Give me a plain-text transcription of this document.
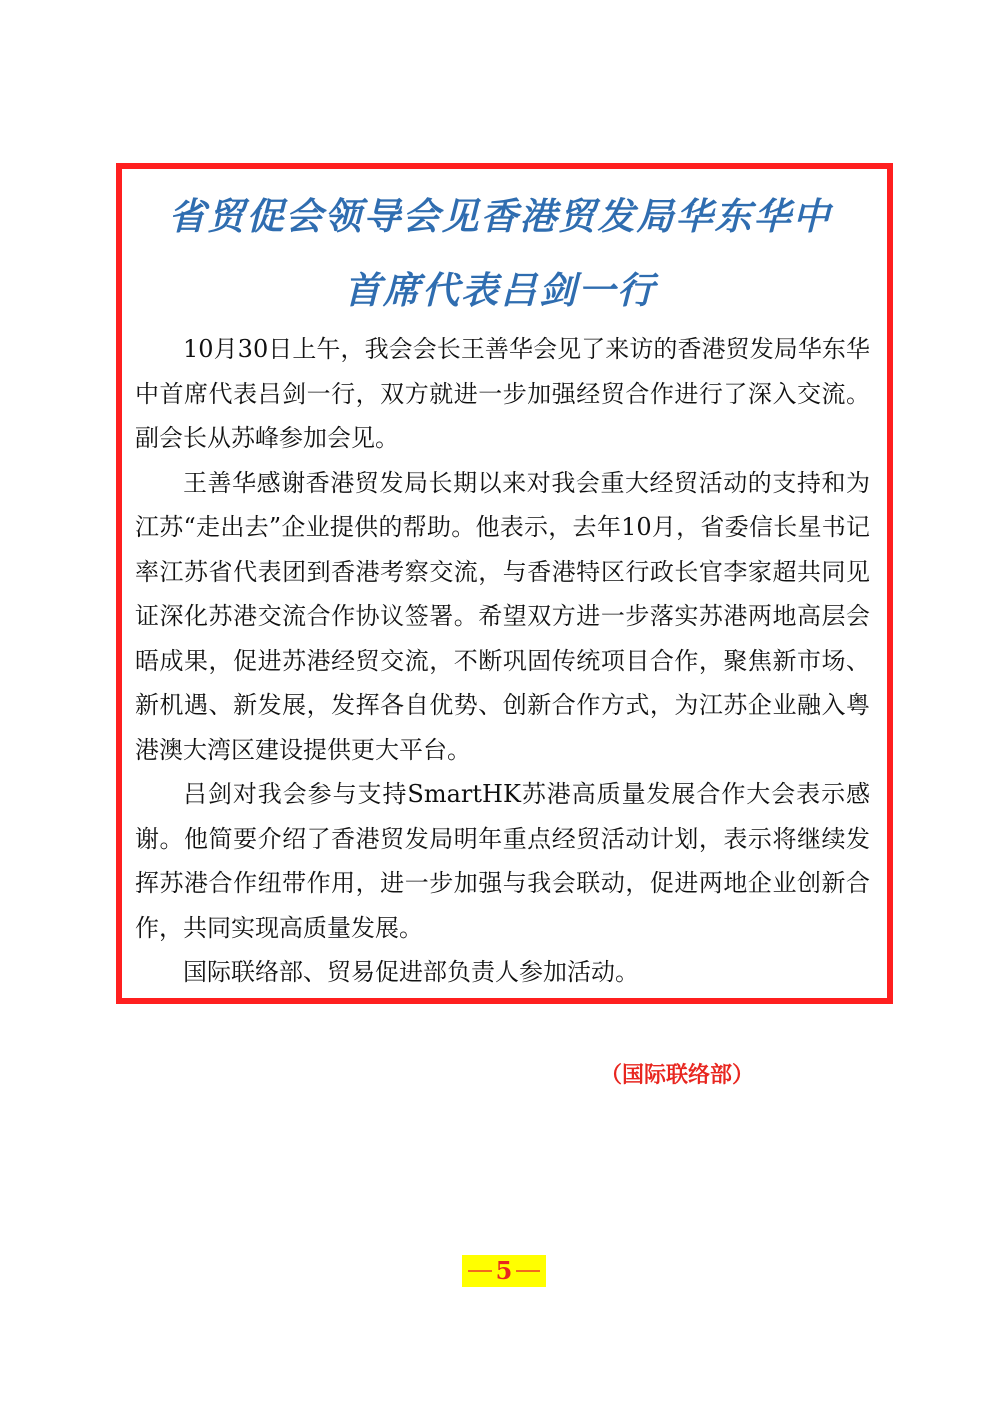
省贸促会领导会见香港贸发局华东华中
首席代表吕剑一行

10月30日上午，我会会长王善华会见了来访的香港贸发局华东华中首席代表吕剑一行，双方就进一步加强经贸合作进行了深入交流。副会长从苏峰参加会见。

王善华感谢香港贸发局长期以来对我会重大经贸活动的支持和为江苏“走出去”企业提供的帮助。他表示，去年10月，省委信长星书记率江苏省代表团到香港考察交流，与香港特区行政长官李家超共同见证深化苏港交流合作协议签署。希望双方进一步落实苏港两地高层会晤成果，促进苏港经贸交流，不断巩固传统项目合作，聚焦新市场、新机遇、新发展，发挥各自优势、创新合作方式，为江苏企业融入粤港澳大湾区建设提供更大平台。

吕剑对我会参与支持SmartHK苏港高质量发展合作大会表示感谢。他简要介绍了香港贸发局明年重点经贸活动计划，表示将继续发挥苏港合作纽带作用，进一步加强与我会联动，促进两地企业创新合作，共同实现高质量发展。

国际联络部、贸易促进部负责人参加活动。

（国际联络部）
5
